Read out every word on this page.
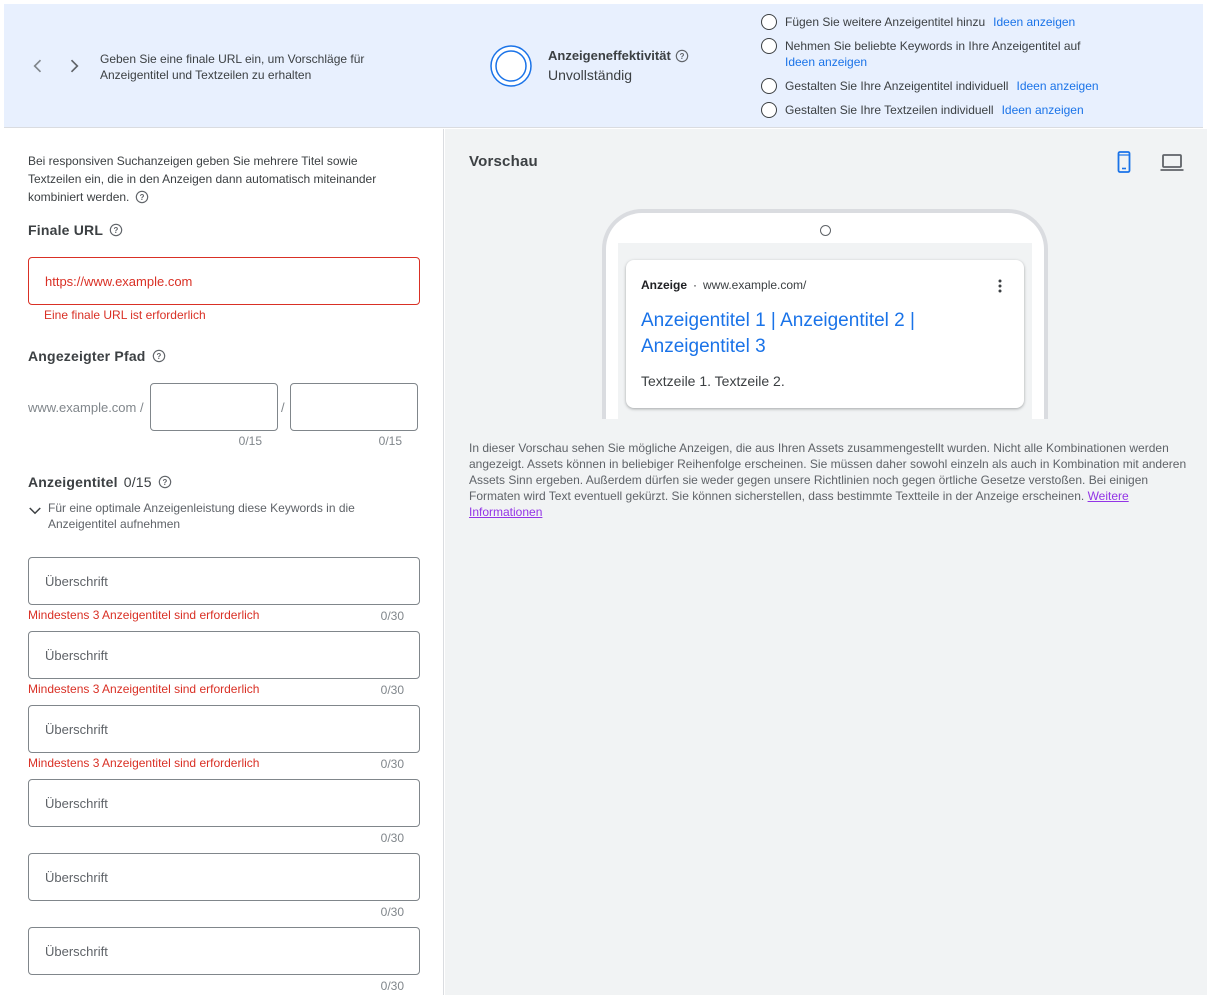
Geben Sie eine finale URL ein, um Vorschläge für Anzeigentitel und Textzeilen zu erhalten
Anzeigeneffektivität ?
Unvollständig
Fügen Sie weitere Anzeigentitel hinzu Ideen anzeigen
Nehmen Sie beliebte Keywords in Ihre Anzeigentitel auf
Ideen anzeigen
Gestalten Sie Ihre Anzeigentitel individuell Ideen anzeigen
Gestalten Sie Ihre Textzeilen individuell Ideen anzeigen
Bei responsiven Suchanzeigen geben Sie mehrere Titel sowie Textzeilen ein, die in den Anzeigen dann automatisch miteinander kombiniert werden. ?
Finale URL ?
https://www.example.com
Eine finale URL ist erforderlich
Angezeigter Pfad ?
www.example.com /	/
0/15	0/15
Anzeigentitel 0/15 ?
Für eine optimale Anzeigenleistung diese Keywords in die Anzeigentitel aufnehmen
Überschrift
Mindestens 3 Anzeigentitel sind erforderlich	0/30
Überschrift
Mindestens 3 Anzeigentitel sind erforderlich	0/30
Überschrift
Mindestens 3 Anzeigentitel sind erforderlich	0/30
Überschrift
0/30
Überschrift
0/30
Überschrift
0/30
Vorschau
Anzeige · www.example.com/
Anzeigentitel 1 | Anzeigentitel 2 | Anzeigentitel 3
Textzeile 1. Textzeile 2.
In dieser Vorschau sehen Sie mögliche Anzeigen, die aus Ihren Assets zusammengestellt wurden. Nicht alle Kombinationen werden angezeigt. Assets können in beliebiger Reihenfolge erscheinen. Sie müssen daher sowohl einzeln als auch in Kombination mit anderen Assets Sinn ergeben. Außerdem dürfen sie weder gegen unsere Richtlinien noch gegen örtliche Gesetze verstoßen. Bei einigen Formaten wird Text eventuell gekürzt. Sie können sicherstellen, dass bestimmte Textteile in der Anzeige erscheinen. Weitere Informationen
